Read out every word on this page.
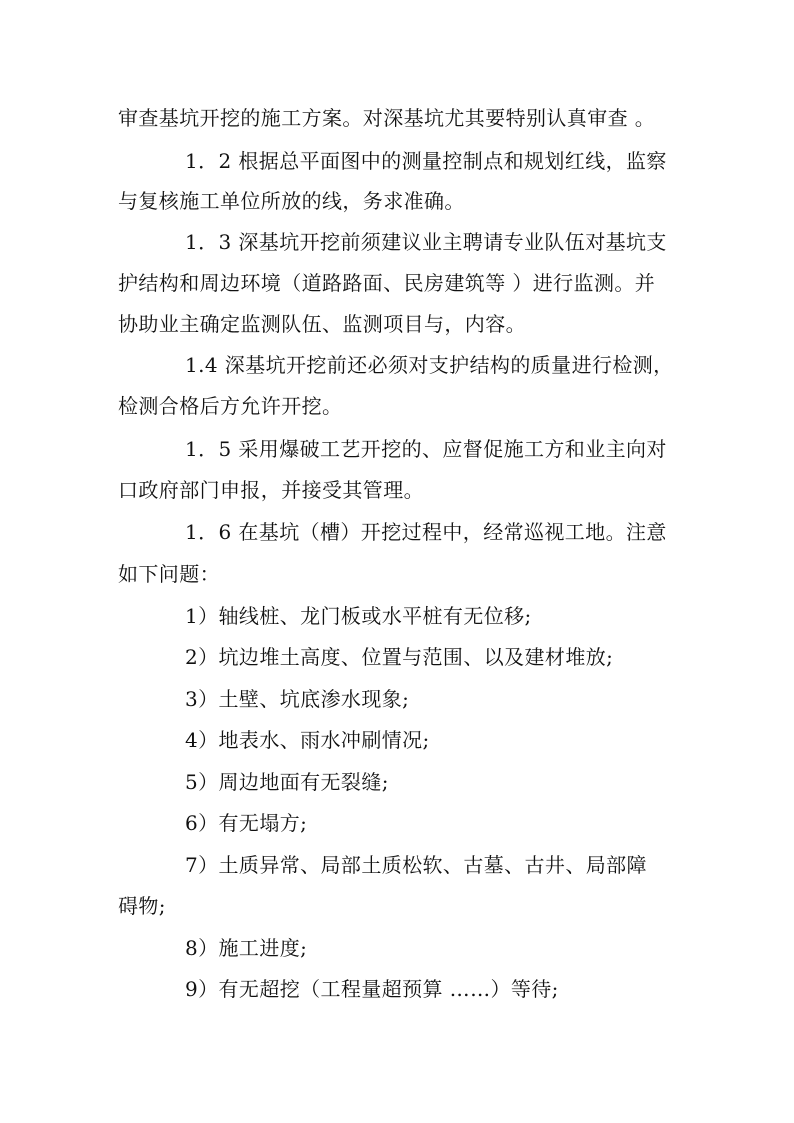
审查基坑开挖的施工方案。对深基坑尤其要特别认真审查 。
1．2 根据总平面图中的测量控制点和规划红线，监察
与复核施工单位所放的线，务求准确。
1．3 深基坑开挖前须建议业主聘请专业队伍对基坑支
护结构和周边环境（道路路面、民房建筑等 ）进行监测。并
协助业主确定监测队伍、监测项目与，内容。
1.4 深基坑开挖前还必须对支护结构的质量进行检测，
检测合格后方允许开挖。
1．5 采用爆破工艺开挖的、应督促施工方和业主向对
口政府部门申报，并接受其管理。
1．6 在基坑（槽）开挖过程中，经常巡视工地。注意
如下问题：
1）轴线桩、龙门板或水平桩有无位移;
2）坑边堆土高度、位置与范围、以及建材堆放;
3）土壁、坑底渗水现象;
4）地表水、雨水冲刷情况;
5）周边地面有无裂缝;
6）有无塌方;
7）土质异常、局部土质松软、古墓、古井、局部障
碍物;
8）施工进度;
9）有无超挖（工程量超预算 ……）等待;
